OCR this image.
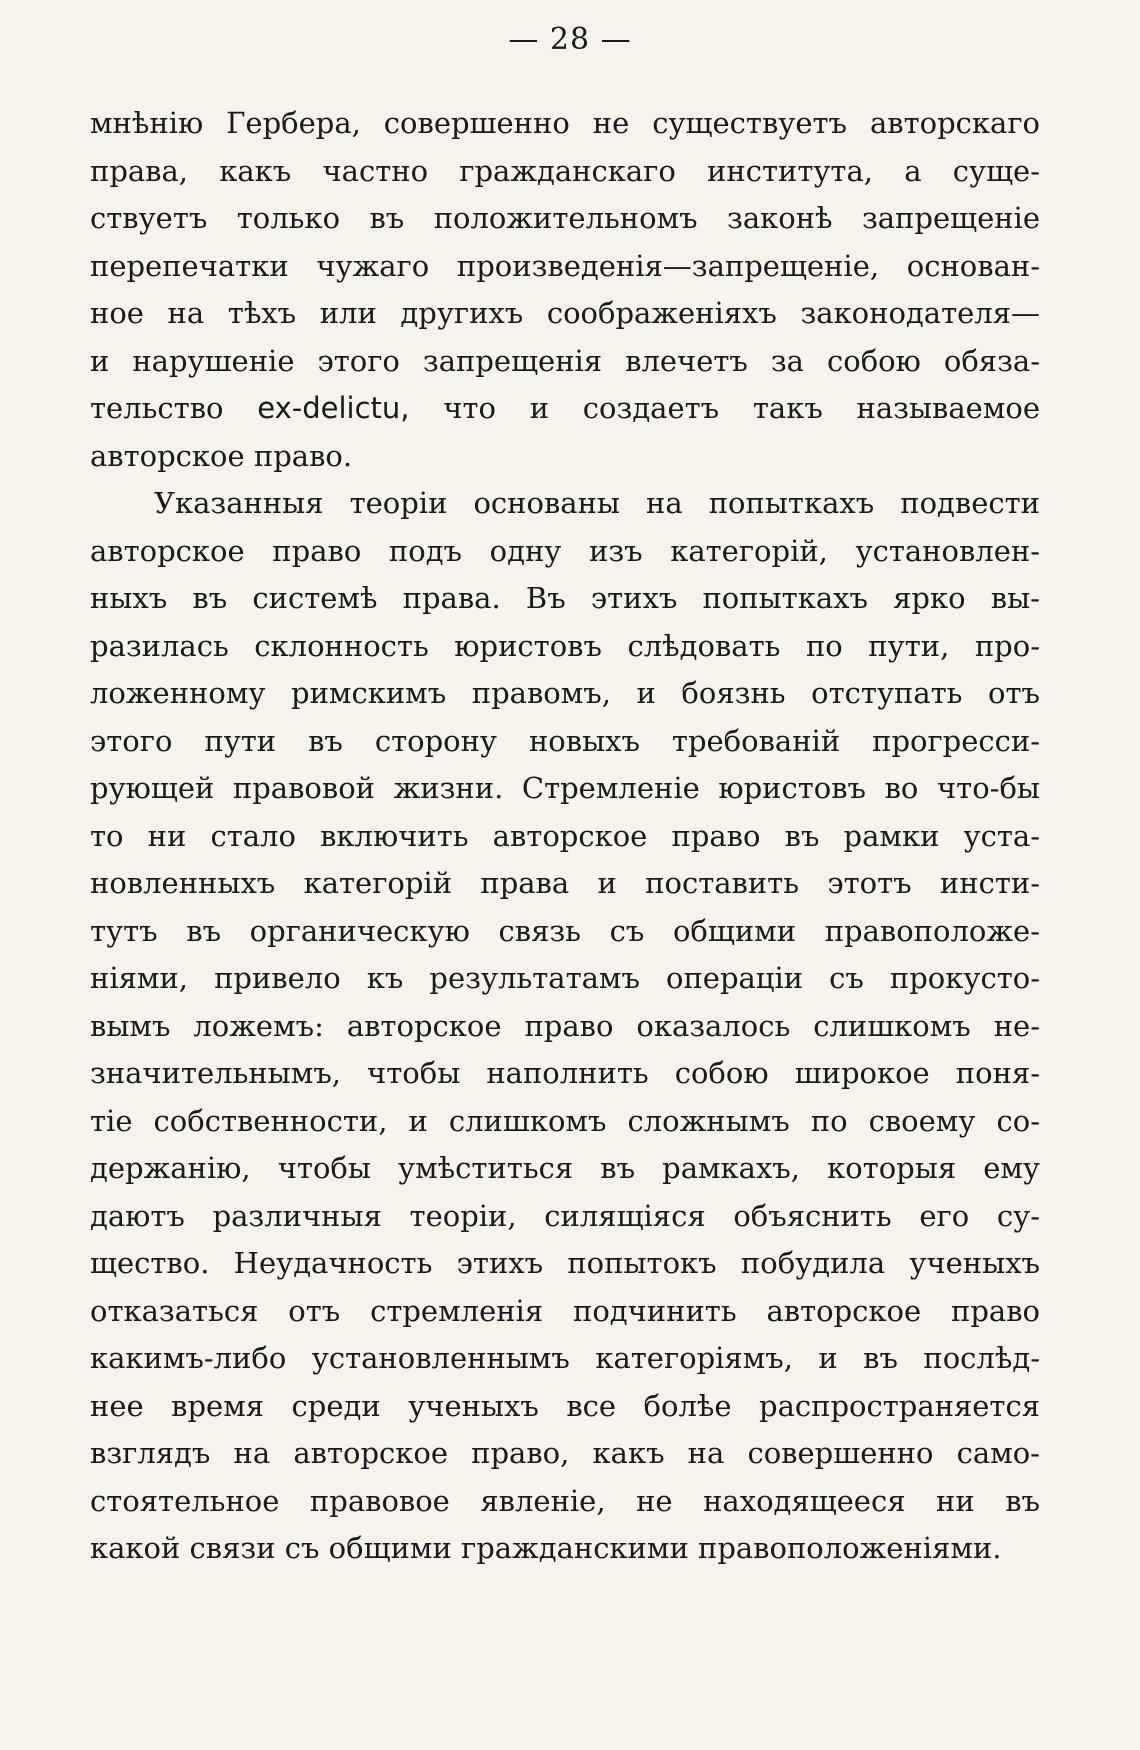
— 28 —
мнѣнію Гербера, совершенно не существуетъ авторскаго
права, какъ частно гражданскаго института, а суще-
ствуетъ только въ положительномъ законѣ запрещеніе
перепечатки чужаго произведенія—запрещеніе, основан-
ное на тѣхъ или другихъ соображеніяхъ законодателя—
и нарушеніе этого запрещенія влечетъ за собою обяза-
тельство ex-delictu, что и создаетъ такъ называемое
авторское право.
Указанныя теоріи основаны на попыткахъ подвести
авторское право подъ одну изъ категорій, установлен-
ныхъ въ системѣ права. Въ этихъ попыткахъ ярко вы-
разилась склонность юристовъ слѣдовать по пути, про-
ложенному римскимъ правомъ, и боязнь отступать отъ
этого пути въ сторону новыхъ требованій прогресси-
рующей правовой жизни. Стремленіе юристовъ во что-бы
то ни стало включить авторское право въ рамки уста-
новленныхъ категорій права и поставить этотъ инсти-
тутъ въ органическую связь съ общими правоположе-
ніями, привело къ результатамъ операціи съ прокусто-
вымъ ложемъ: авторское право оказалось слишкомъ не-
значительнымъ, чтобы наполнить собою широкое поня-
тіе собственности, и слишкомъ сложнымъ по своему со-
держанію, чтобы умѣститься въ рамкахъ, которыя ему
даютъ различныя теоріи, силящіяся объяснить его су-
щество. Неудачность этихъ попытокъ побудила ученыхъ
отказаться отъ стремленія подчинить авторское право
какимъ-либо установленнымъ категоріямъ, и въ послѣд-
нее время среди ученыхъ все болѣе распространяется
взглядъ на авторское право, какъ на совершенно само-
стоятельное правовое явленіе, не находящееся ни въ
какой связи съ общими гражданскими правоположеніями.
